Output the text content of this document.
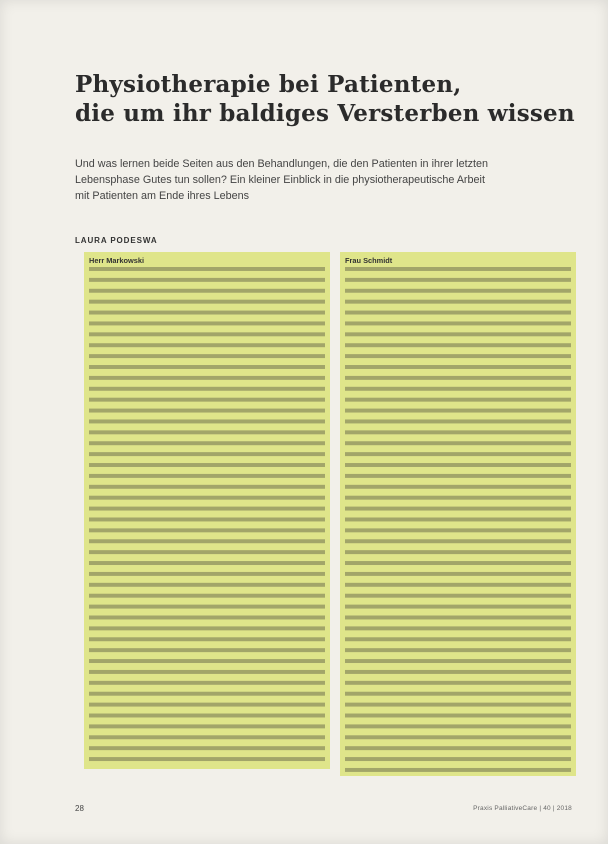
Physiotherapie bei Patienten,
die um ihr baldiges Versterben wissen

Und was lernen beide Seiten aus den Behandlungen, die den Patienten in ihrer letzten Lebensphase Gutes tun sollen? Ein kleiner Einblick in die physiotherapeutische Arbeit mit Patienten am Ende ihres Lebens

LAURA PODESWA
Herr Markowski	Frau Schmidt
28	Praxis PalliativeCare | 40 | 2018
